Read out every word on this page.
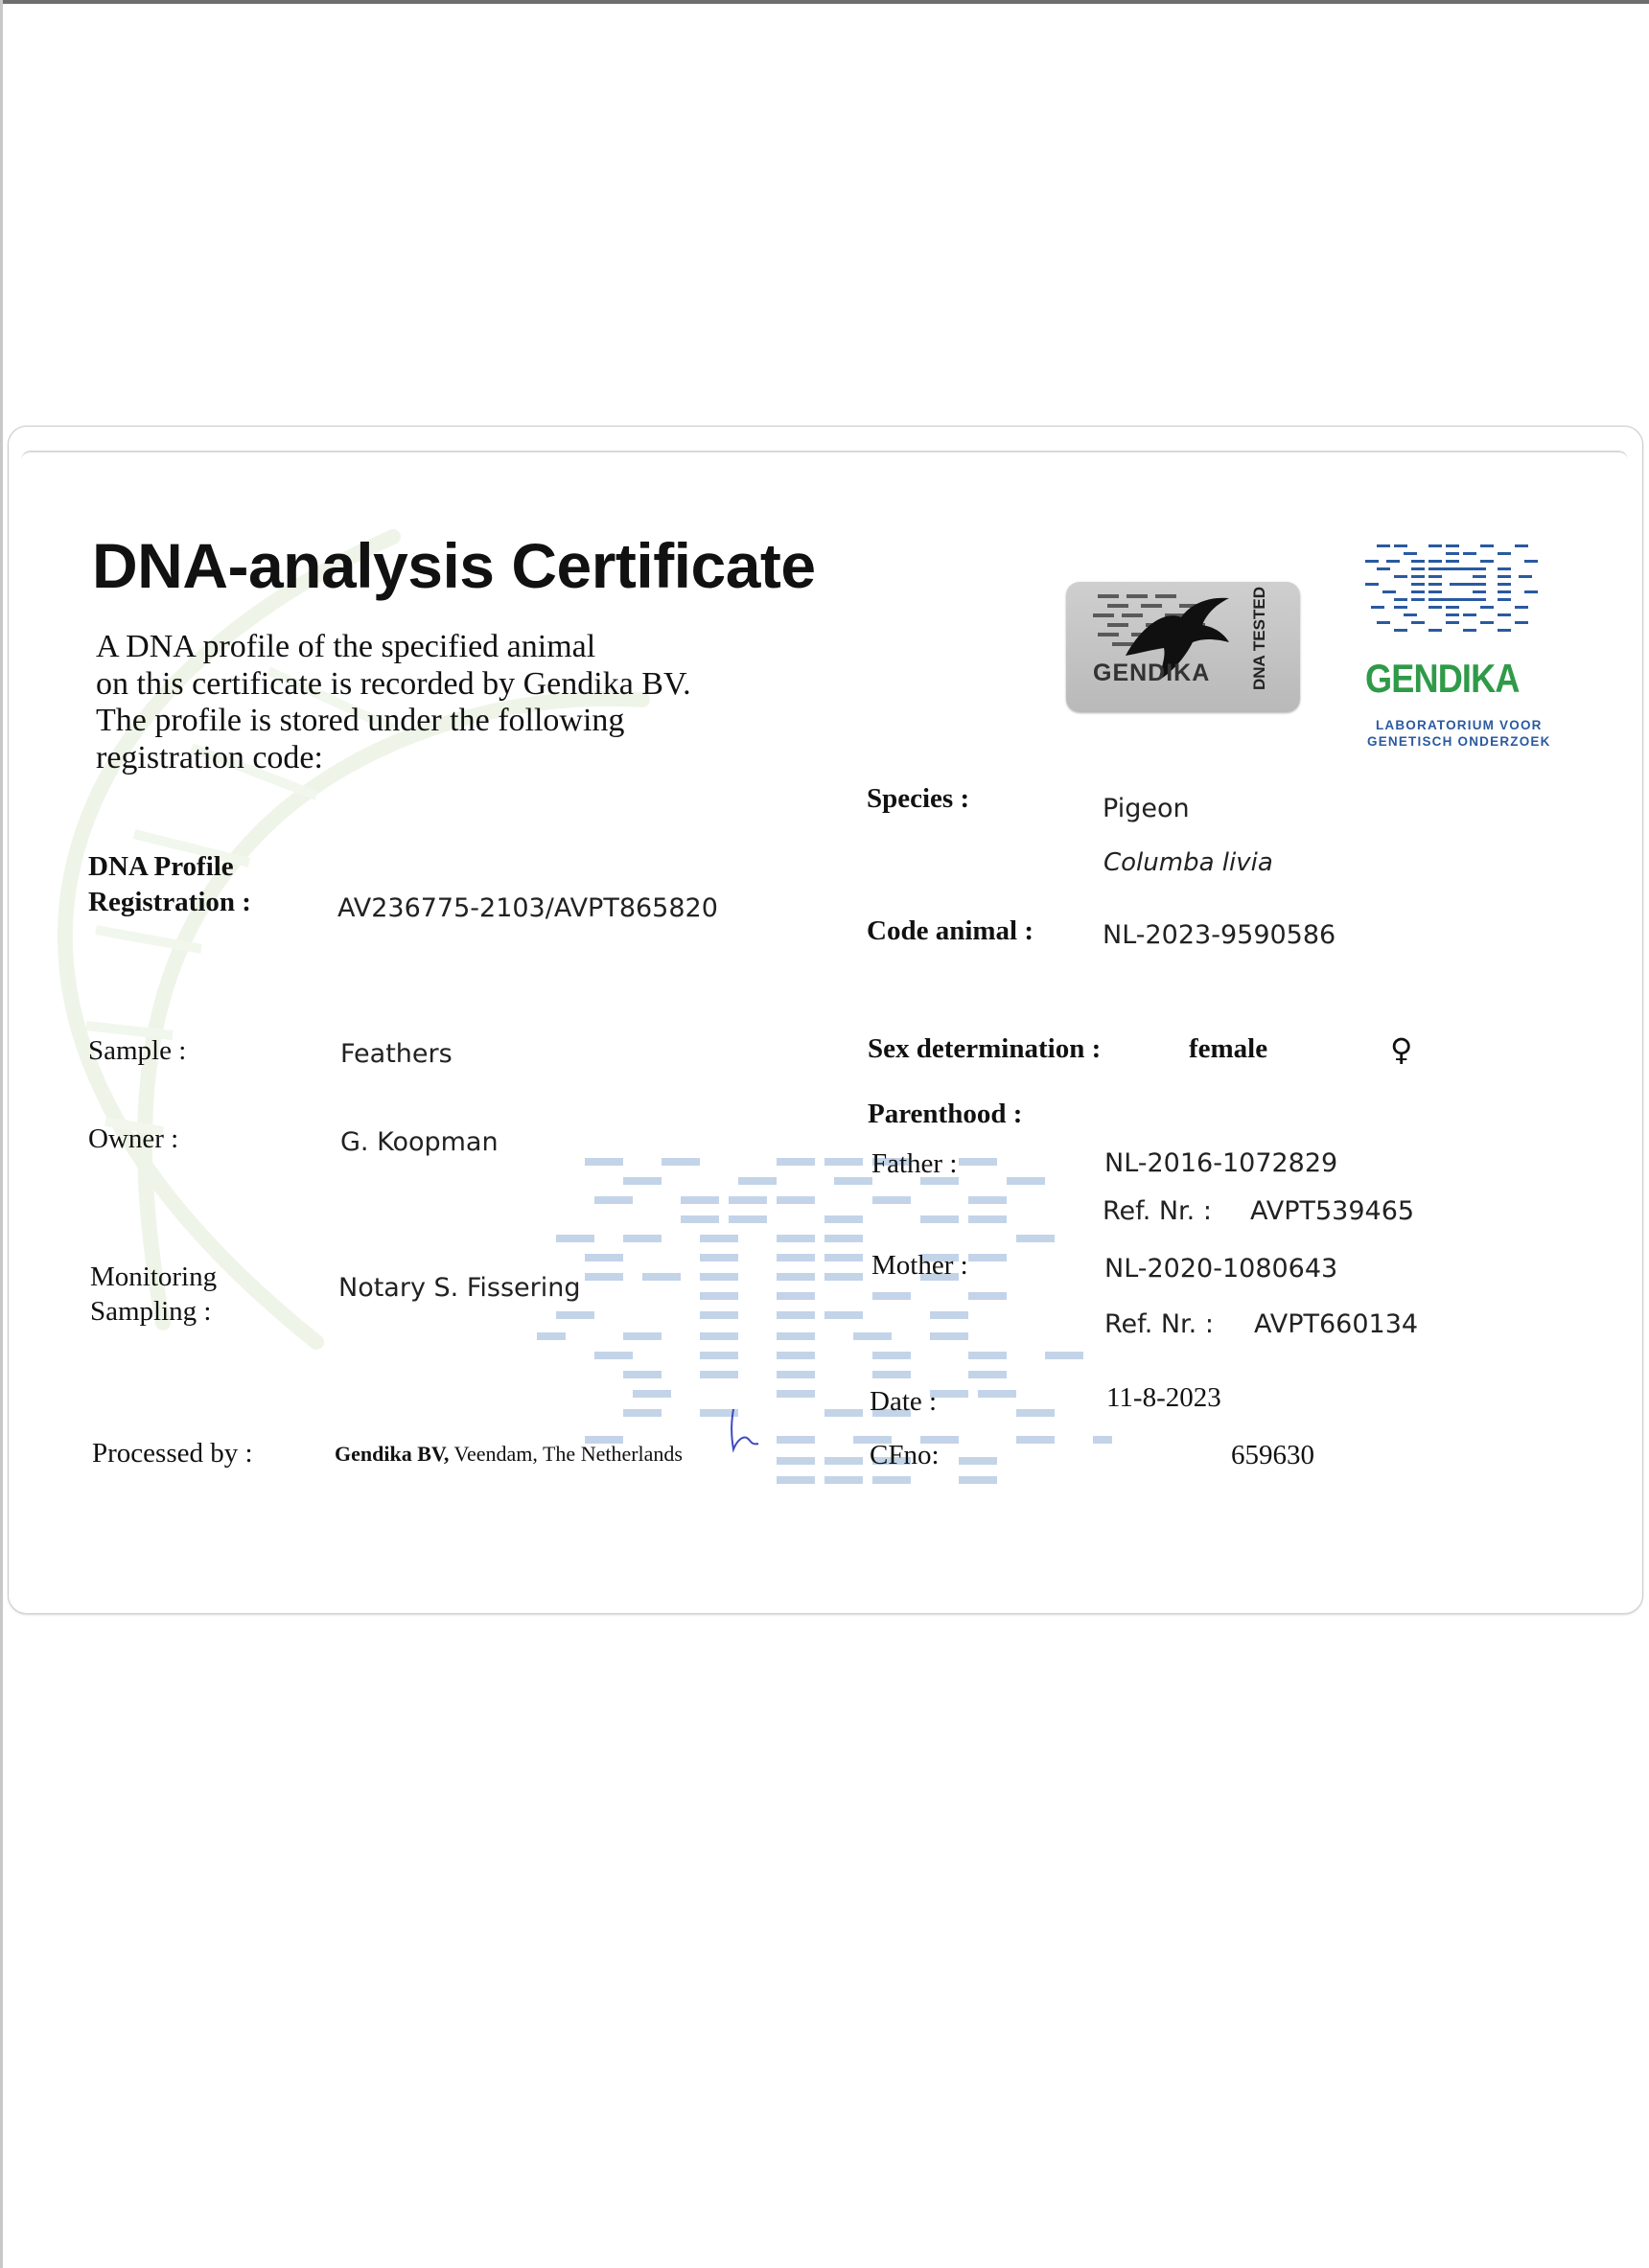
DNA-analysis Certificate
A DNA profile of the specified animal
on this certificate is recorded by Gendika BV.
The profile is stored under the following
registration code:
GENDIKA DNA TESTED GENDIKA
LABORATORIUM VOOR
GENETISCH ONDERZOEK
DNA Profile
Registration :	AV236775-2103/AVPT865820
Sample :	Feathers
Owner :	G. Koopman
Monitoring
Sampling :
Notary S. Fissering
Processed by :	Gendika BV, Veendam, The Netherlands
Species :	Pigeon
Columba livia
Code animal :	NL-2023-9590586
Sex determination :	female	♀
Parenthood :
Father :	NL-2016-1072829
Ref. Nr. : AVPT539465
Mother :	NL-2020-1080643
Ref. Nr. : AVPT660134
Date :	11-8-2023
CFno:	659630
